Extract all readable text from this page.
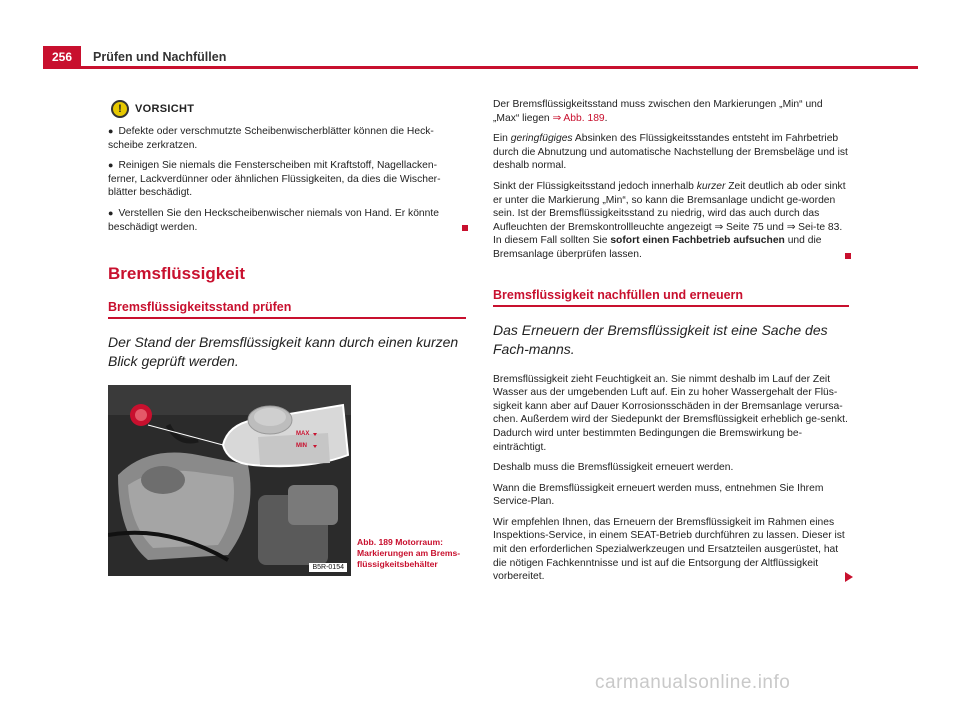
256	Prüfen und Nachfüllen
!	VORSICHT

● Defekte oder verschmutzte Scheibenwischerblätter können die Heck-scheibe zerkratzen.

● Reinigen Sie niemals die Fensterscheiben mit Kraftstoff, Nagellacken-ferner, Lackverdünner oder ähnlichen Flüssigkeiten, da dies die Wischer-blätter beschädigt.

● Verstellen Sie den Heckscheibenwischer niemals von Hand. Er könnte beschädigt werden.

Bremsflüssigkeit
Bremsflüssigkeitsstand prüfen
Der Stand der Bremsflüssigkeit kann durch einen kurzen Blick geprüft werden.
MAX
MIN
B5R-0154
Abb. 189 Motorraum: Markierungen am Brems-flüssigkeitsbehälter

Der Bremsflüssigkeitsstand muss zwischen den Markierungen „Min“ und „Max“ liegen ⇒ Abb. 189.

Ein geringfügiges Absinken des Flüssigkeitsstandes entsteht im Fahrbetrieb durch die Abnutzung und automatische Nachstellung der Bremsbeläge und ist deshalb normal.

Sinkt der Flüssigkeitsstand jedoch innerhalb kurzer Zeit deutlich ab oder sinkt er unter die Markierung „Min“, so kann die Bremsanlage undicht ge-worden sein. Ist der Bremsflüssigkeitsstand zu niedrig, wird das auch durch das Aufleuchten der Bremskontrollleuchte angezeigt ⇒ Seite 75 und ⇒ Sei-te 83. In diesem Fall sollten Sie sofort einen Fachbetrieb aufsuchen und die Bremsanlage überprüfen lassen.

Bremsflüssigkeit nachfüllen und erneuern
Das Erneuern der Bremsflüssigkeit ist eine Sache des Fach-manns.

Bremsflüssigkeit zieht Feuchtigkeit an. Sie nimmt deshalb im Lauf der Zeit Wasser aus der umgebenden Luft auf. Ein zu hoher Wassergehalt der Flüs-sigkeit kann aber auf Dauer Korrosionsschäden in der Bremsanlage verursa-chen. Außerdem wird der Siedepunkt der Bremsflüssigkeit erheblich ge-senkt. Dadurch wird unter bestimmten Bedingungen die Bremswirkung be-einträchtigt.

Deshalb muss die Bremsflüssigkeit erneuert werden.

Wann die Bremsflüssigkeit erneuert werden muss, entnehmen Sie Ihrem Service-Plan.

Wir empfehlen Ihnen, das Erneuern der Bremsflüssigkeit im Rahmen eines Inspektions-Service, in einem SEAT-Betrieb durchführen zu lassen. Dieser ist mit den erforderlichen Spezialwerkzeugen und Ersatzteilen ausgerüstet, hat die nötigen Fachkenntnisse und ist auf die Entsorgung der Altflüssigkeit vorbereitet.

carmanualsonline.info
